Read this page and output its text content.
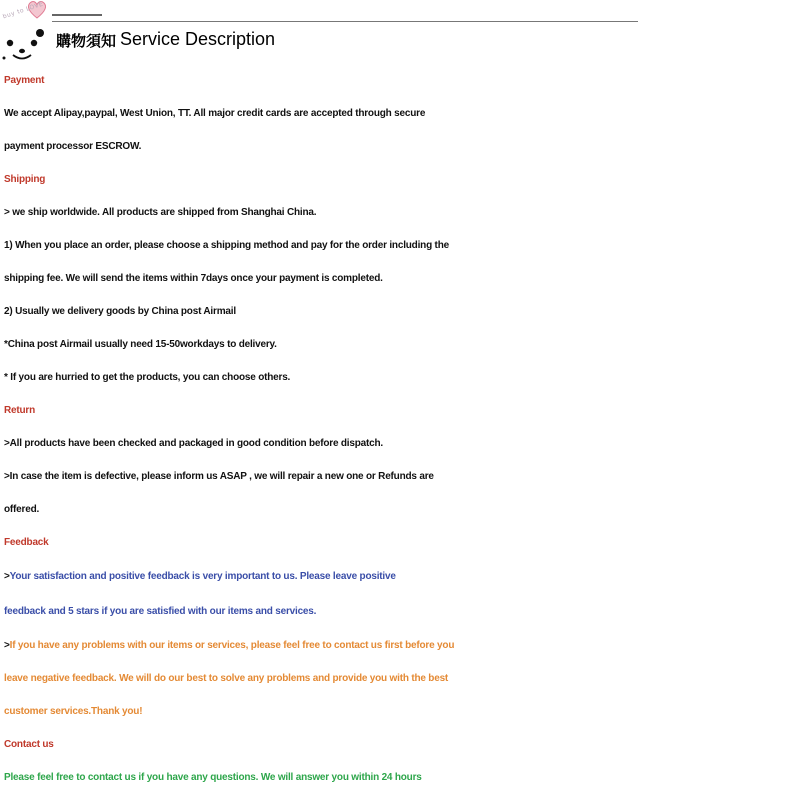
buy to LOVE
購物須知 Service Description
Payment
We accept Alipay,paypal, West Union, TT. All major credit cards are accepted through secure
payment processor ESCROW.
Shipping
> we ship worldwide. All products are shipped from Shanghai China.
1) When you place an order, please choose a shipping method and pay for the order including the
shipping fee. We will send the items within 7days once your payment is completed.
2) Usually we delivery goods by China post Airmail
*China post Airmail usually need 15-50workdays to delivery.
* If you are hurried to get the products, you can choose others.
Return
>All products have been checked and packaged in good condition before dispatch.
>In case the item is defective, please inform us ASAP , we will repair a new one or Refunds are
offered.
Feedback
>Your satisfaction and positive feedback is very important to us. Please leave positive
feedback and 5 stars if you are satisfied with our items and services.
>If you have any problems with our items or services, please feel free to contact us first before you
leave negative feedback. We will do our best to solve any problems and provide you with the best
customer services.Thank you!
Contact us
Please feel free to contact us if you have any questions. We will answer you within 24 hours
